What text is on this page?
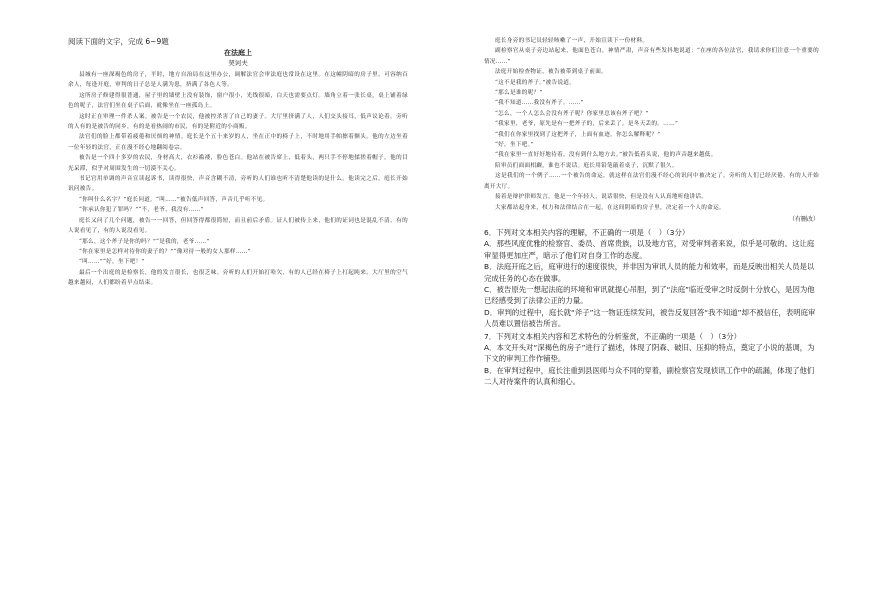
阅读下面的文字，完成 6~9题
在法庭上
契诃夫

县城有一座深褐色的房子，平时，地方自治局在这里办公，调解法官会审法庭也常设在这里。在这幢阴暗的房子里，可容纳百余人，每逢开庭，审判的日子总是人满为患，挤满了各色人等。

这所房子修建得很普通，屋子里的墙壁上没有装饰，窗户很小，光线很暗，白天也需要点灯。墙角立着一张长桌，桌上铺着绿色的呢子，法官们坐在桌子后面，就像坐在一座孤岛上。

这时正在审理一件杀人案。被告是一个农民，他被控杀害了自己的妻子。大厅里挤满了人，人们交头接耳，低声议论着。旁听的人有的是被告的同乡，有的是看热闹的市民，有的是附近的小商贩。

法官们的脸上都带着疲倦和厌烦的神情。庭长是个五十来岁的人，坐在正中的椅子上，不时地用手帕擦着额头。他的左边坐着一位年轻的法官，正在漫不经心地翻阅卷宗。

被告是一个四十多岁的农民，身材高大，衣衫褴褛，脸色苍白。他站在被告席上，低着头，两只手不停地揉搓着帽子。他的目光呆滞，似乎对周围发生的一切漠不关心。

书记官用单调的声音宣读起诉书，读得很快，声音含糊不清，旁听的人们谁也听不清楚他读的是什么。他读完之后，庭长开始讯问被告。

“你叫什么名字？”庭长问道。“叫……”被告低声回答，声音几乎听不见。

“你承认你犯了罪吗？”“不，老爷，我没有……”

庭长又问了几个问题，被告一一回答，但回答得都很简短，而且前后矛盾。证人们被传上来，他们的证词也是混乱不清，有的人说看见了，有的人说没看见。

“那么，这个斧子是你的吗？”“是我的，老爷……”

“你在家里是怎样对待你的妻子的？”“像对待一般的女人那样……”

“叫……”“好，坐下吧！”

最后一个出庭的是检察长，他的发言很长，也很乏味。旁听的人们开始打哈欠，有的人已经在椅子上打起盹来。大厅里的空气越来越闷，人们都盼着早点结束。

庭长身旁的书记员轻轻咳嗽了一声，开始宣读下一份材料。

副检察官从桌子旁边站起来，他面色苍白，神情严肃，声音有些发抖地说道：“在座的各位法官，我请求你们注意一个重要的情况……”

法庭开始检查物证，被告被带到桌子前面。

“这不是我的斧子。”被告说道。

“那么是谁的呢？”

“我不知道……我没有斧子。……”

“怎么，一个人怎么会没有斧子呢？你家里总该有斧子吧？”

“我家里，老爷，原先是有一把斧子的，后来丢了。是冬天丢的。……”

“我们在你家里找到了这把斧子，上面有血迹。你怎么解释呢？”

“好，坐下吧。”

“我在家里一直好好地待着，没有到什么地方去。”被告低着头说，他的声音越来越低。

陪审员们面面相觑，谁也不说话。庭长用铅笔敲着桌子，沉默了很久。

这是我们的一个例子……一个被告的命运，就这样在法官们漫不经心的讯问中被决定了。旁听的人们已经厌倦，有的人开始离开大厅。

接着是辩护律师发言。他是一个年轻人，说话很快，但是没有人认真地听他讲话。

大家都站起身来，权力和法律结合在一起，在这间阴暗的房子里，决定着一个人的命运。

（有删改）
6．下列对文本相关内容的理解，不正确的一项是（　）（3分）
A．那些风度优雅的检察官、委员、首席贵族，以及地方官，对受审判者来说，似乎是可敬的。这让庭审显得更加庄严，暗示了他们对自身工作的态度。
B．法庭开庭之后，庭审进行的速度很快，并非因为审讯人员的能力和效率，而是反映出相关人员是以完成任务的心态在做事。
C．被告原先一想起法庭的环境和审讯就提心吊胆，到了“法庭”临近受审之时反倒十分放心，是因为他已经感受到了法律公正的力量。
D．审判的过程中，庭长就“斧子”这一物证连续发问，被告反复回答“我不知道”却不被信任，表明庭审人员难以置信被告所言。
7．下列对文本相关内容和艺术特色的分析鉴赏，不正确的一项是（　）（3分）
A．本文开头对“深褐色的房子”进行了描述，体现了阴森、破旧、压抑的特点，奠定了小说的基调，为下文的审判工作作铺垫。
B．在审判过程中，庭长注重到县医师与众不同的穿着，副检察官发现侦讯工作中的疏漏，体现了他们二人对待案件的认真和细心。
